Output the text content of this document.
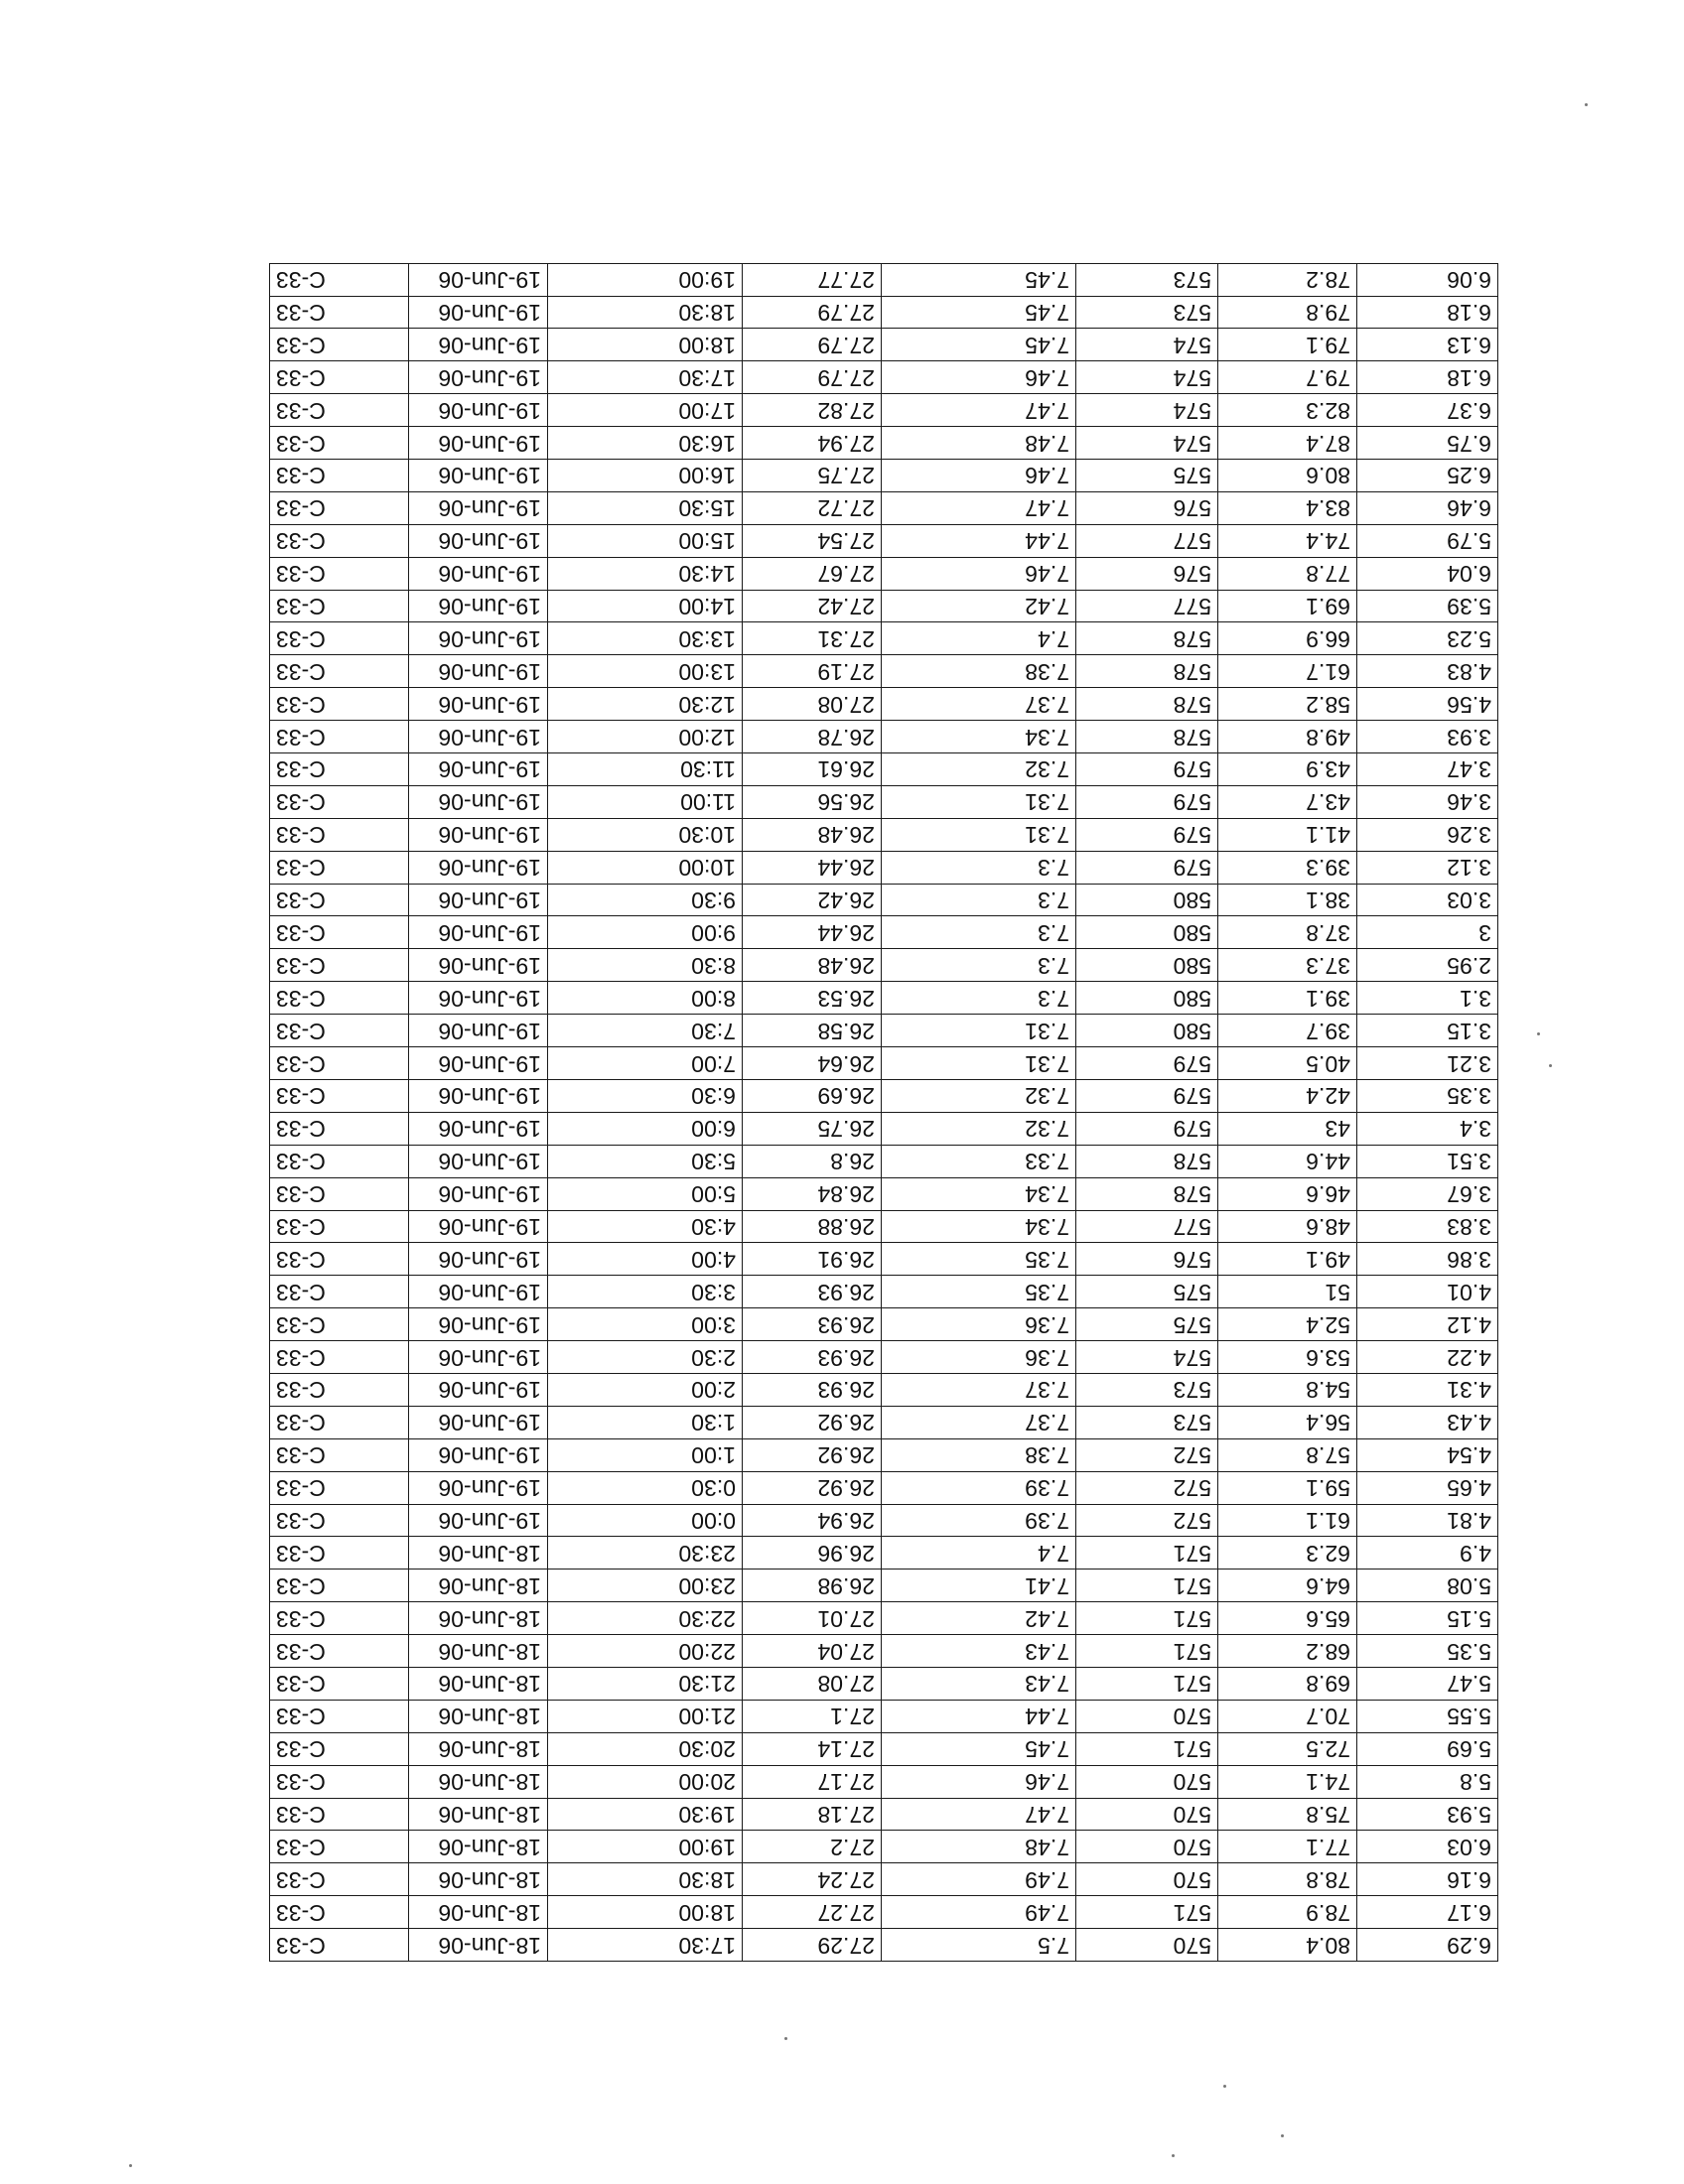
6.29	80.4	570	7.5	27.29	17:30	18-Jun-06	C-33
6.17	78.9	571	7.49	27.27	18:00	18-Jun-06	C-33
6.16	78.8	570	7.49	27.24	18:30	18-Jun-06	C-33
6.03	77.1	570	7.48	27.2	19:00	18-Jun-06	C-33
5.93	75.8	570	7.47	27.18	19:30	18-Jun-06	C-33
5.8	74.1	570	7.46	27.17	20:00	18-Jun-06	C-33
5.69	72.5	571	7.45	27.14	20:30	18-Jun-06	C-33
5.55	70.7	570	7.44	27.1	21:00	18-Jun-06	C-33
5.47	69.8	571	7.43	27.08	21:30	18-Jun-06	C-33
5.35	68.2	571	7.43	27.04	22:00	18-Jun-06	C-33
5.15	65.6	571	7.42	27.01	22:30	18-Jun-06	C-33
5.08	64.6	571	7.41	26.98	23:00	18-Jun-06	C-33
4.9	62.3	571	7.4	26.96	23:30	18-Jun-06	C-33
4.81	61.1	572	7.39	26.94	0:00	19-Jun-06	C-33
4.65	59.1	572	7.39	26.92	0:30	19-Jun-06	C-33
4.54	57.8	572	7.38	26.92	1:00	19-Jun-06	C-33
4.43	56.4	573	7.37	26.92	1:30	19-Jun-06	C-33
4.31	54.8	573	7.37	26.93	2:00	19-Jun-06	C-33
4.22	53.6	574	7.36	26.93	2:30	19-Jun-06	C-33
4.12	52.4	575	7.36	26.93	3:00	19-Jun-06	C-33
4.01	51	575	7.35	26.93	3:30	19-Jun-06	C-33
3.86	49.1	576	7.35	26.91	4:00	19-Jun-06	C-33
3.83	48.6	577	7.34	26.88	4:30	19-Jun-06	C-33
3.67	46.6	578	7.34	26.84	5:00	19-Jun-06	C-33
3.51	44.6	578	7.33	26.8	5:30	19-Jun-06	C-33
3.4	43	579	7.32	26.75	6:00	19-Jun-06	C-33
3.35	42.4	579	7.32	26.69	6:30	19-Jun-06	C-33
3.21	40.5	579	7.31	26.64	7:00	19-Jun-06	C-33
3.15	39.7	580	7.31	26.58	7:30	19-Jun-06	C-33
3.1	39.1	580	7.3	26.53	8:00	19-Jun-06	C-33
2.95	37.3	580	7.3	26.48	8:30	19-Jun-06	C-33
3	37.8	580	7.3	26.44	9:00	19-Jun-06	C-33
3.03	38.1	580	7.3	26.42	9:30	19-Jun-06	C-33
3.12	39.3	579	7.3	26.44	10:00	19-Jun-06	C-33
3.26	41.1	579	7.31	26.48	10:30	19-Jun-06	C-33
3.46	43.7	579	7.31	26.56	11:00	19-Jun-06	C-33
3.47	43.9	579	7.32	26.61	11:30	19-Jun-06	C-33
3.93	49.8	578	7.34	26.78	12:00	19-Jun-06	C-33
4.56	58.2	578	7.37	27.08	12:30	19-Jun-06	C-33
4.83	61.7	578	7.38	27.19	13:00	19-Jun-06	C-33
5.23	66.9	578	7.4	27.31	13:30	19-Jun-06	C-33
5.39	69.1	577	7.42	27.42	14:00	19-Jun-06	C-33
6.04	77.8	576	7.46	27.67	14:30	19-Jun-06	C-33
5.79	74.4	577	7.44	27.54	15:00	19-Jun-06	C-33
6.46	83.4	576	7.47	27.72	15:30	19-Jun-06	C-33
6.25	80.6	575	7.46	27.75	16:00	19-Jun-06	C-33
6.75	87.4	574	7.48	27.94	16:30	19-Jun-06	C-33
6.37	82.3	574	7.47	27.82	17:00	19-Jun-06	C-33
6.18	79.7	574	7.46	27.79	17:30	19-Jun-06	C-33
6.13	79.1	574	7.45	27.79	18:00	19-Jun-06	C-33
6.18	79.8	573	7.45	27.79	18:30	19-Jun-06	C-33
6.06	78.2	573	7.45	27.77	19:00	19-Jun-06	C-33
